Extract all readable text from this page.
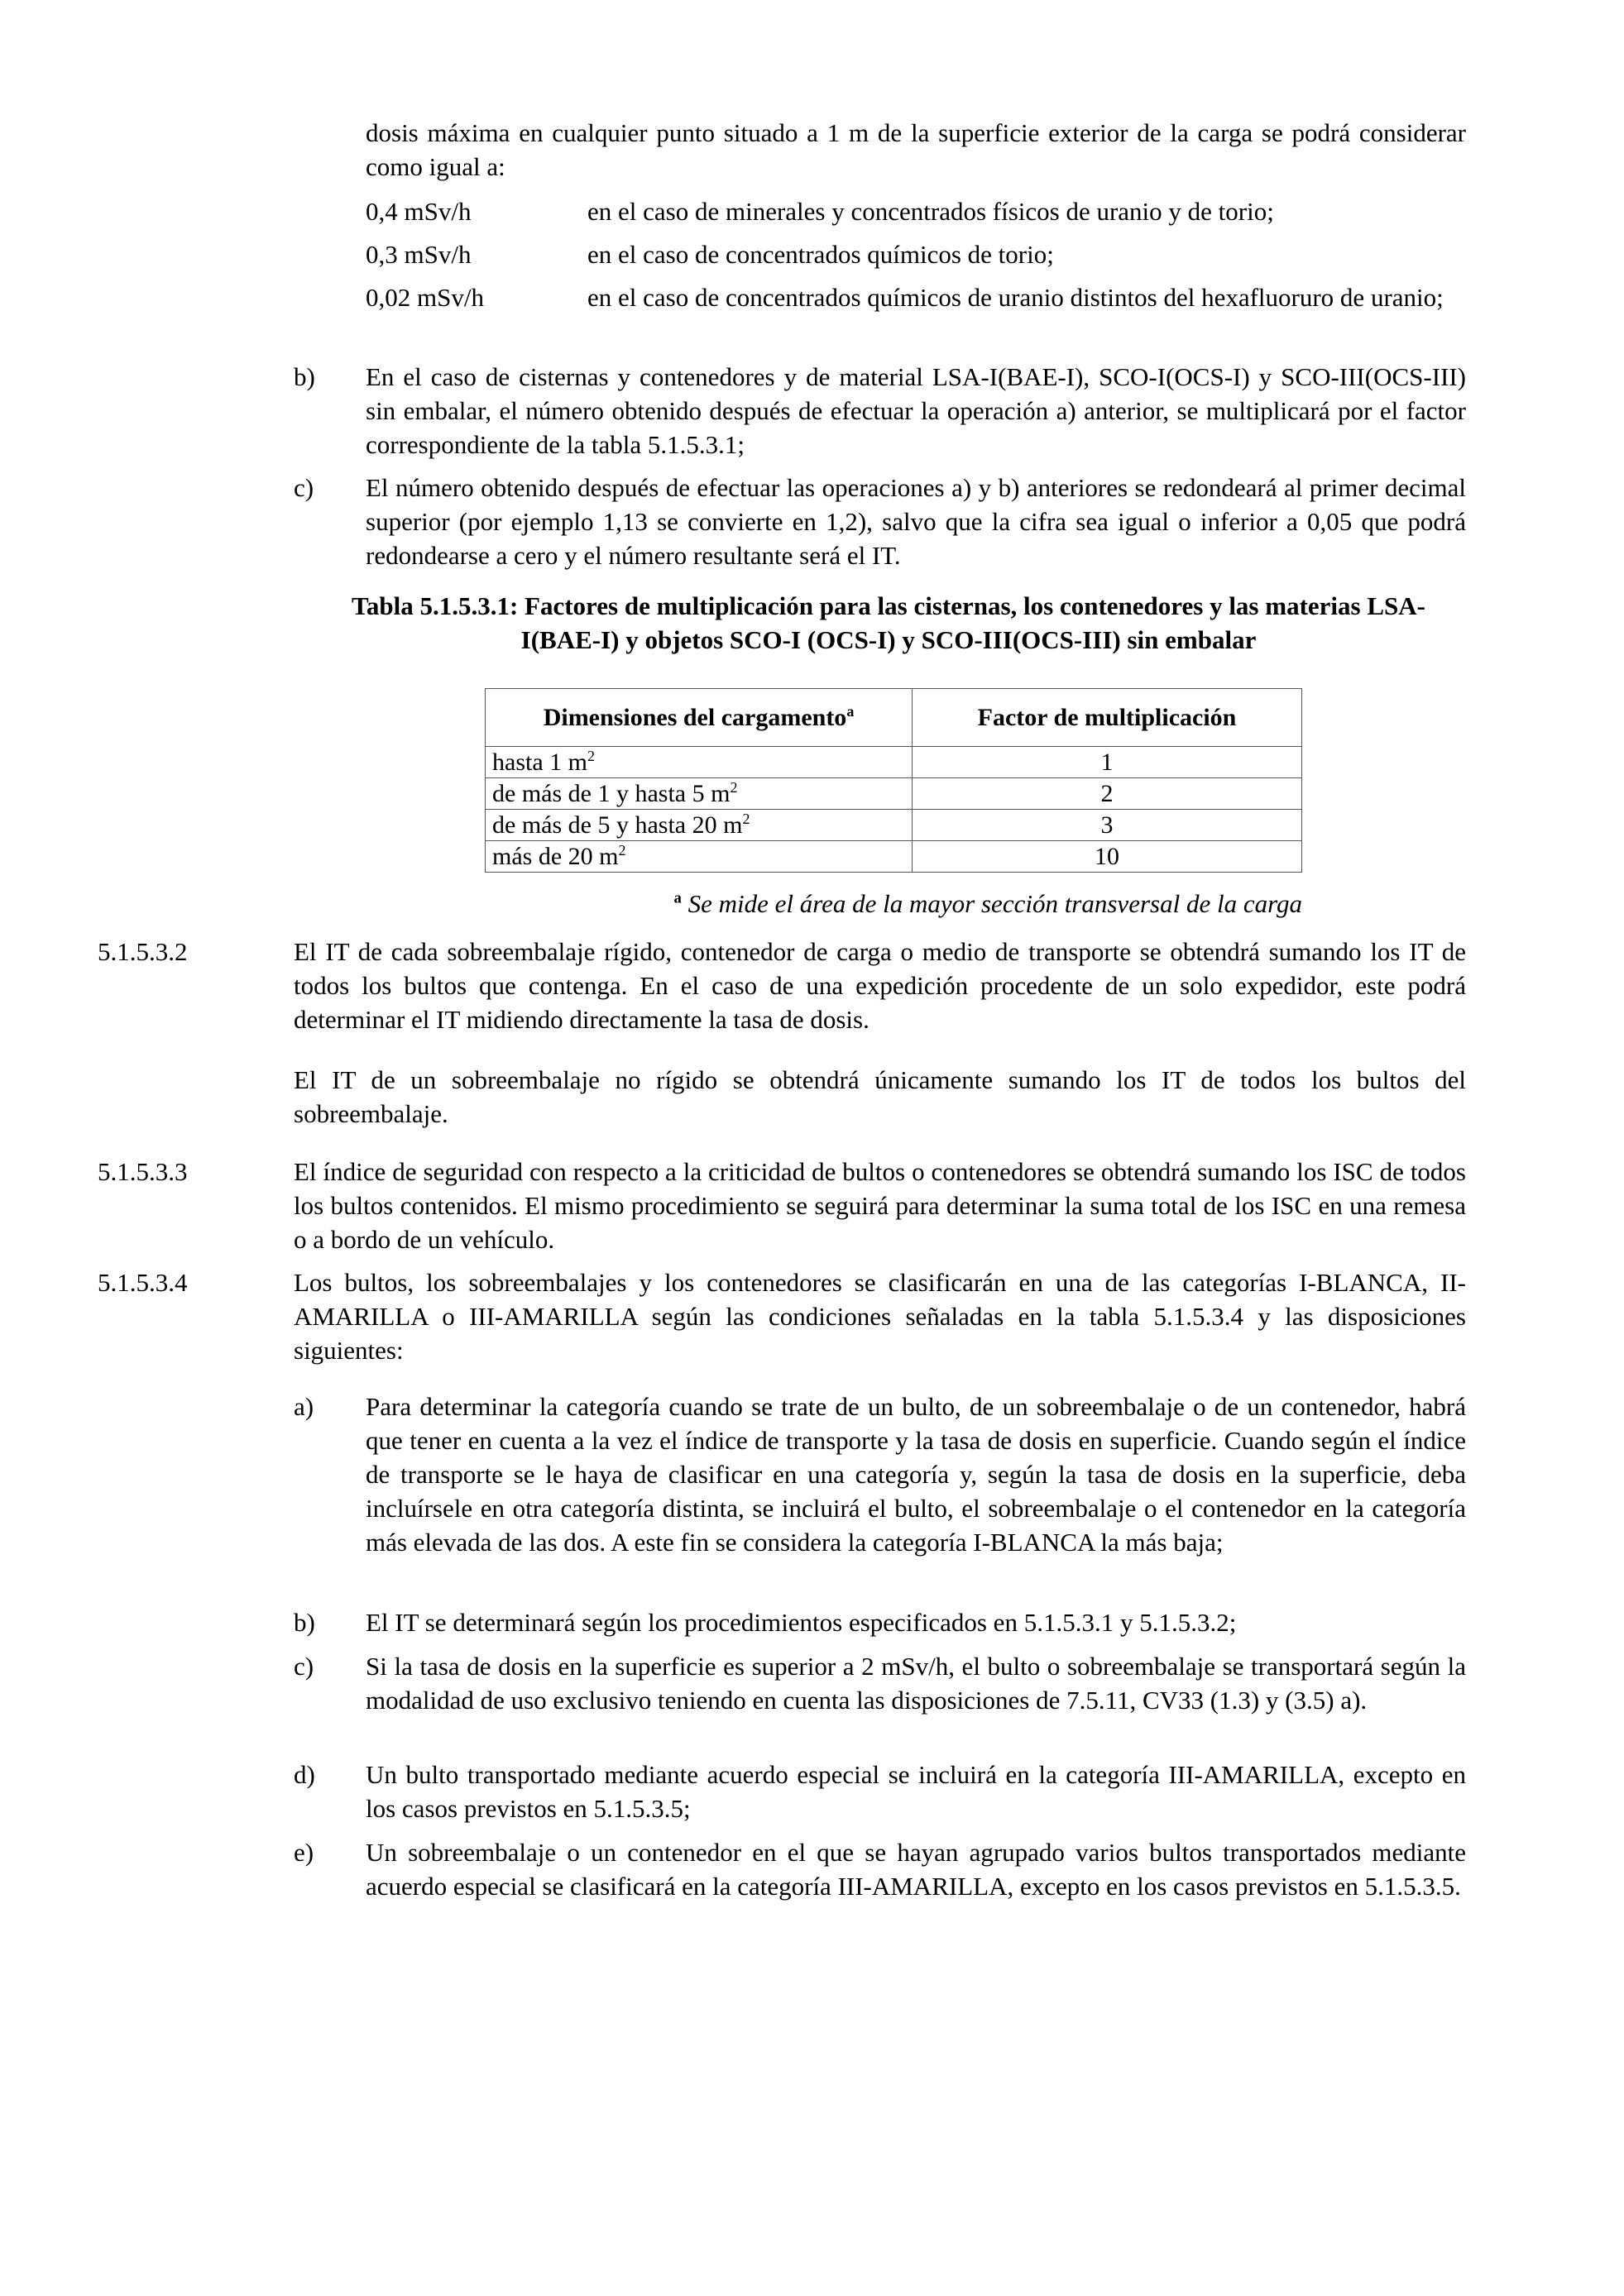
dosis máxima en cualquier punto situado a 1 m de la superficie exterior de la carga se podrá considerar como igual a:
0,4 mSv/h	en el caso de minerales y concentrados físicos de uranio y de torio;
0,3 mSv/h	en el caso de concentrados químicos de torio;
0,02 mSv/h	en el caso de concentrados químicos de uranio distintos del hexafluoruro de uranio;
b) En el caso de cisternas y contenedores y de material LSA-I(BAE-I), SCO-I(OCS-I) y SCO-III(OCS-III) sin embalar, el número obtenido después de efectuar la operación a) anterior, se multiplicará por el factor correspondiente de la tabla 5.1.5.3.1;
c) El número obtenido después de efectuar las operaciones a) y b) anteriores se redondeará al primer decimal superior (por ejemplo 1,13 se convierte en 1,2), salvo que la cifra sea igual o inferior a 0,05 que podrá redondearse a cero y el número resultante será el IT.
Tabla 5.1.5.3.1: Factores de multiplicación para las cisternas, los contenedores y las materias LSA-I(BAE-I) y objetos SCO-I (OCS-I) y SCO-III(OCS-III) sin embalar
Dimensiones del cargamento$^a$	Factor de multiplicación
hasta 1 $m^2$	1
de más de 1 y hasta 5 $m^2$	2
de más de 5 y hasta 20 $m^2$	3
más de 20 $m^2$	10
$^a$ Se mide el área de la mayor sección transversal de la carga
5.1.5.3.2	El IT de cada sobreembalaje rígido, contenedor de carga o medio de transporte se obtendrá sumando los IT de todos los bultos que contenga. En el caso de una expedición procedente de un solo expedidor, este podrá determinar el IT midiendo directamente la tasa de dosis.
El IT de un sobreembalaje no rígido se obtendrá únicamente sumando los IT de todos los bultos del sobreembalaje.
5.1.5.3.3	El índice de seguridad con respecto a la criticidad de bultos o contenedores se obtendrá sumando los ISC de todos los bultos contenidos. El mismo procedimiento se seguirá para determinar la suma total de los ISC en una remesa o a bordo de un vehículo.
5.1.5.3.4	Los bultos, los sobreembalajes y los contenedores se clasificarán en una de las categorías I-BLANCA, II-AMARILLA o III-AMARILLA según las condiciones señaladas en la tabla 5.1.5.3.4 y las disposiciones siguientes:
a) Para determinar la categoría cuando se trate de un bulto, de un sobreembalaje o de un contenedor, habrá que tener en cuenta a la vez el índice de transporte y la tasa de dosis en superficie. Cuando según el índice de transporte se le haya de clasificar en una categoría y, según la tasa de dosis en la superficie, deba incluírsele en otra categoría distinta, se incluirá el bulto, el sobreembalaje o el contenedor en la categoría más elevada de las dos. A este fin se considera la categoría I-BLANCA la más baja;
b) El IT se determinará según los procedimientos especificados en 5.1.5.3.1 y 5.1.5.3.2;
c) Si la tasa de dosis en la superficie es superior a 2 mSv/h, el bulto o sobreembalaje se transportará según la modalidad de uso exclusivo teniendo en cuenta las disposiciones de 7.5.11, CV33 (1.3) y (3.5) a).
d) Un bulto transportado mediante acuerdo especial se incluirá en la categoría III-AMARILLA, excepto en los casos previstos en 5.1.5.3.5;
e) Un sobreembalaje o un contenedor en el que se hayan agrupado varios bultos transportados mediante acuerdo especial se clasificará en la categoría III-AMARILLA, excepto en los casos previstos en 5.1.5.3.5.
